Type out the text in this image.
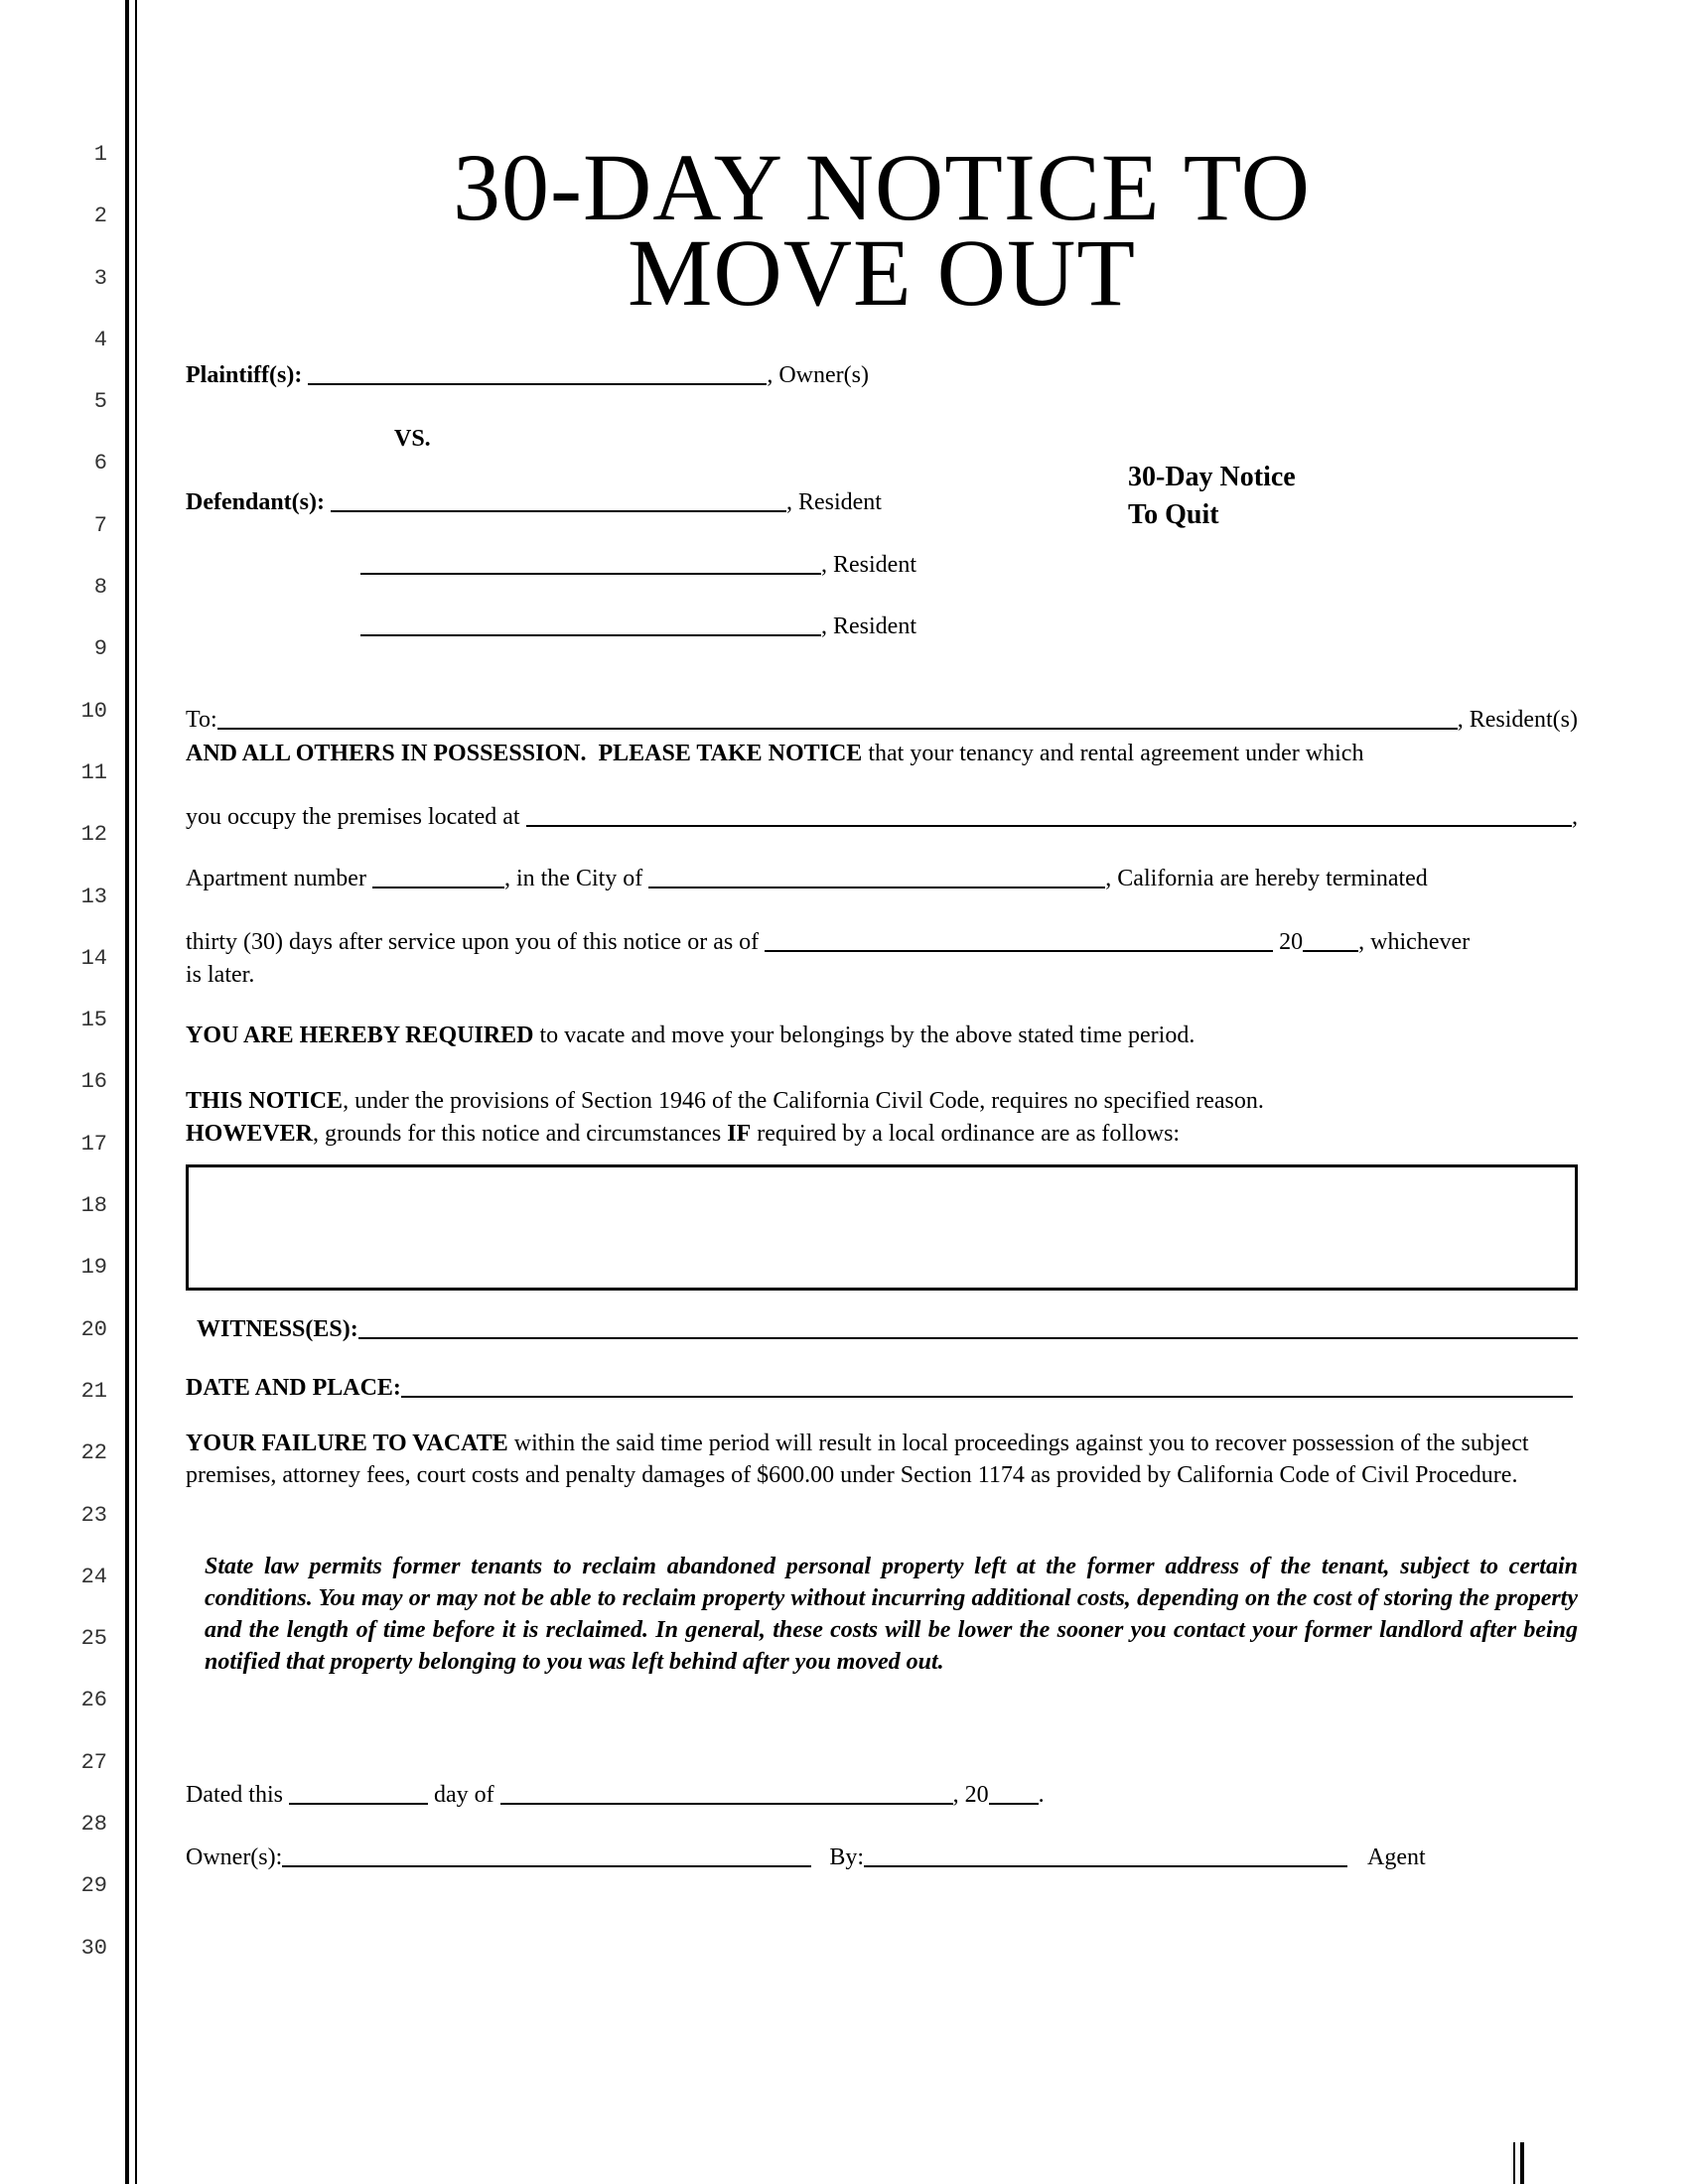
1
2
3
4
5
6
7
8
9
10
11
12
13
14
15
16
17
18
19
20
21
22
23
24
25
26
27
28
29
30
30-DAY NOTICE TO
MOVE OUT
Plaintiff(s):	, Owner(s)
VS.
30-Day Notice
To Quit
Defendant(s):	, Resident
, Resident
, Resident
To:	, Resident(s)
AND ALL OTHERS IN POSSESSION.  PLEASE TAKE NOTICE that your tenancy and rental agreement under which
you occupy the premises located at	,
Apartment number	, in the City of	, California are hereby terminated
thirty (30) days after service upon you of this notice or as of	20 , whichever
is later.
YOU ARE HEREBY REQUIRED to vacate and move your belongings by the above stated time period.
THIS NOTICE, under the provisions of Section 1946 of the California Civil Code, requires no specified reason.
HOWEVER, grounds for this notice and circumstances IF required by a local ordinance are as follows:
WITNESS(ES):
DATE AND PLACE:
YOUR FAILURE TO VACATE within the said time period will result in local proceedings against you to recover possession of the subject premises, attorney fees, court costs and penalty damages of $600.00 under Section 1174 as provided by California Code of Civil Procedure.
State law permits former tenants to reclaim abandoned personal property left at the former address of the tenant, subject to certain conditions. You may or may not be able to reclaim property without incurring additional costs, depending on the cost of storing the property and the length of time before it is reclaimed. In general, these costs will be lower the sooner you contact your former landlord after being notified that property belonging to you was left behind after you moved out.
Dated this	day of	, 20 .
Owner(s):	By:	Agent
